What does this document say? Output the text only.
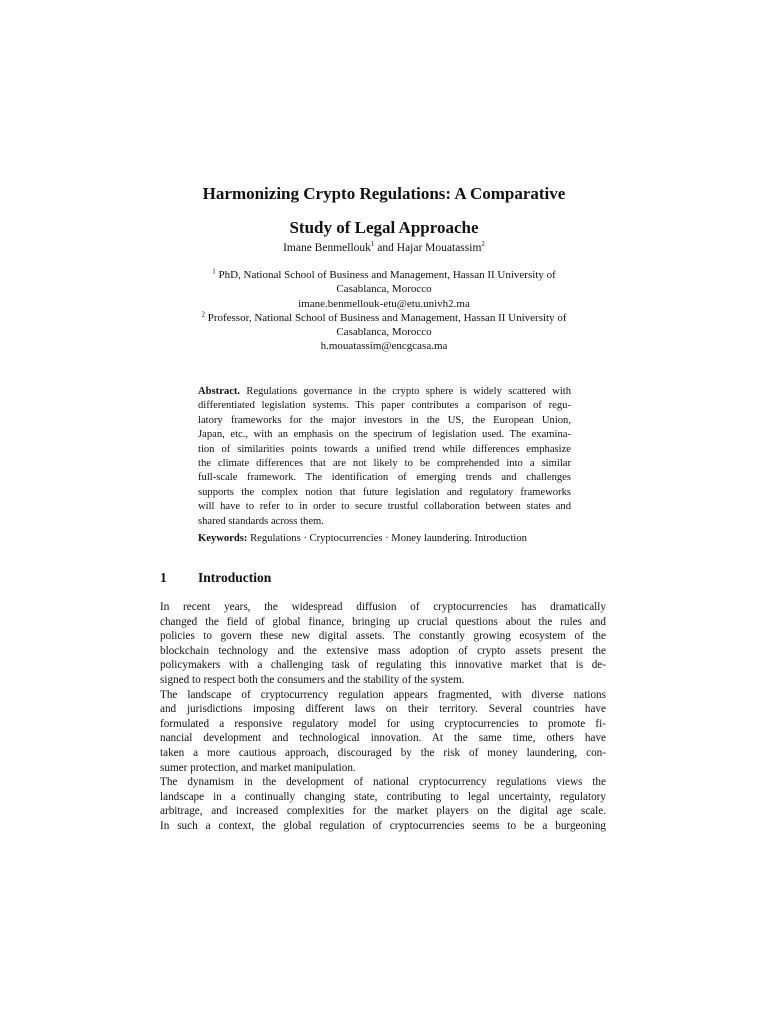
Harmonizing Crypto Regulations: A Comparative
Study of Legal Approache
Imane Benmellouk$^1$ and Hajar Mouatassim$^2$
$^1$ PhD, National School of Business and Management, Hassan II University of
Casablanca, Morocco
imane.benmellouk-etu@etu.univh2.ma
$^2$ Professor, National School of Business and Management, Hassan II University of
Casablanca, Morocco
h.mouatassim@encgcasa.ma
Abstract. Regulations governance in the crypto sphere is widely scattered with
differentiated legislation systems. This paper contributes a comparison of regu-
latory frameworks for the major investors in the US, the European Union,
Japan, etc., with an emphasis on the spectrum of legislation used. The examina-
tion of similarities points towards a unified trend while differences emphasize
the climate differences that are not likely to be comprehended into a similar
full-scale framework. The identification of emerging trends and challenges
supports the complex notion that future legislation and regulatory frameworks
will have to refer to in order to secure trustful collaboration between states and
shared standards across them.
Keywords: Regulations · Cryptocurrencies · Money laundering. Introduction
1 Introduction
In recent years, the widespread diffusion of cryptocurrencies has dramatically
changed the field of global finance, bringing up crucial questions about the rules and
policies to govern these new digital assets. The constantly growing ecosystem of the
blockchain technology and the extensive mass adoption of crypto assets present the
policymakers with a challenging task of regulating this innovative market that is de-
signed to respect both the consumers and the stability of the system.
The landscape of cryptocurrency regulation appears fragmented, with diverse nations
and jurisdictions imposing different laws on their territory. Several countries have
formulated a responsive regulatory model for using cryptocurrencies to promote fi-
nancial development and technological innovation. At the same time, others have
taken a more cautious approach, discouraged by the risk of money laundering, con-
sumer protection, and market manipulation.
The dynamism in the development of national cryptocurrency regulations views the
landscape in a continually changing state, contributing to legal uncertainty, regulatory
arbitrage, and increased complexities for the market players on the digital age scale.
In such a context, the global regulation of cryptocurrencies seems to be a burgeoning
